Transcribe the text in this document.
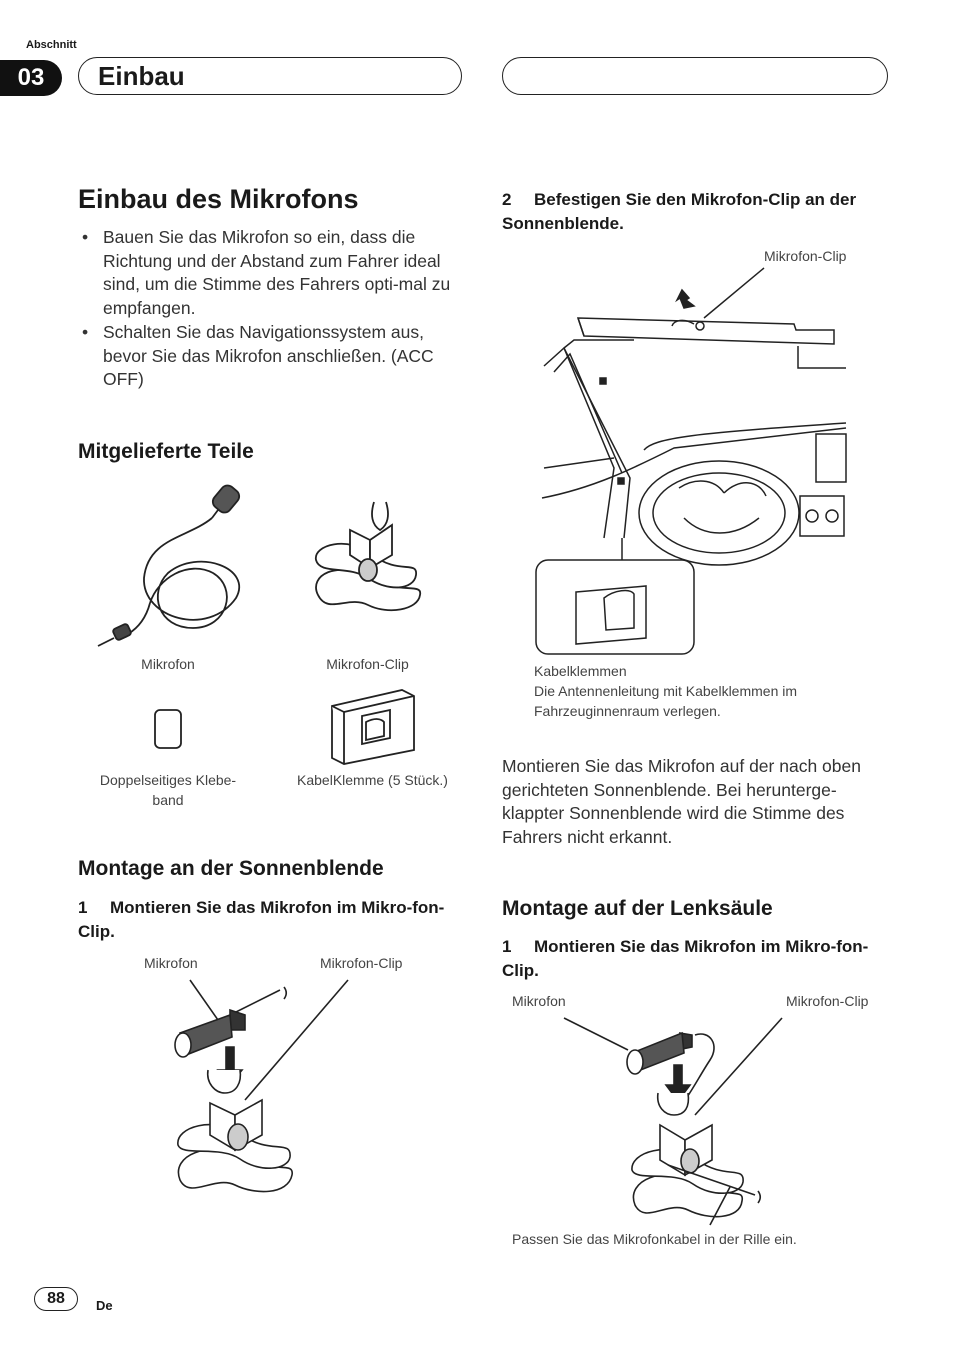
Abschnitt
03	Einbau
Einbau des Mikrofons
• Bauen Sie das Mikrofon so ein, dass die Richtung und der Abstand zum Fahrer ideal sind, um die Stimme des Fahrers opti-mal zu empfangen.
• Schalten Sie das Navigationssystem aus, bevor Sie das Mikrofon anschließen. (ACC OFF)
Mitgelieferte Teile
Mikrofon	Mikrofon-Clip
Doppelseitiges Klebe-band
KabelKlemme (5 Stück.)
Montage an der Sonnenblende
1 Montieren Sie das Mikrofon im Mikro-fon-Clip.
Mikrofon	Mikrofon-Clip
2 Befestigen Sie den Mikrofon-Clip an der Sonnenblende.
Mikrofon-Clip
Kabelklemmen
Die Antennenleitung mit Kabelklemmen im Fahrzeuginnenraum verlegen.
Montieren Sie das Mikrofon auf der nach oben gerichteten Sonnenblende. Bei herunterge-klappter Sonnenblende wird die Stimme des Fahrers nicht erkannt.
Montage auf der Lenksäule
1 Montieren Sie das Mikrofon im Mikro-fon-Clip.
Mikrofon	Mikrofon-Clip
Passen Sie das Mikrofonkabel in der Rille ein.
88	De
